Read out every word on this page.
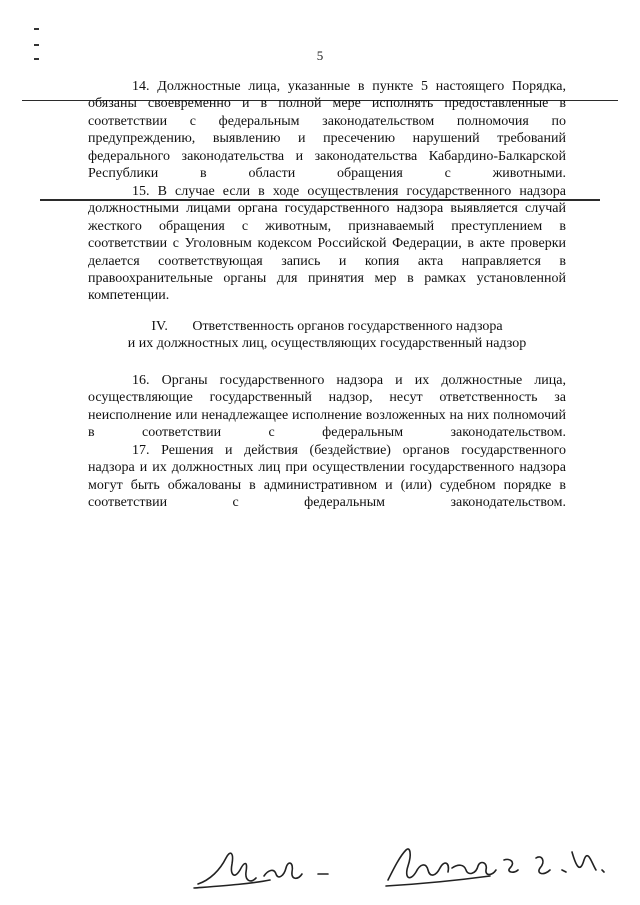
5

14. Должностные лица, указанные в пункте 5 настоящего Порядка, обязаны своевременно и в полной мере исполнять предоставленные в соответствии с федеральным законодательством полномочия по предупреждению, выявлению и пресечению нарушений требований федерального законодательства и законодательства Кабардино-Балкарской Республики в области обращения с животными.

15. В случае если в ходе осуществления государственного надзора должностными лицами органа государственного надзора выявляется случай жесткого обращения с животным, признаваемый преступлением в соответствии с Уголовным кодексом Российской Федерации, в акте проверки делается соответствующая запись и копия акта направляется в правоохранительные органы для принятия мер в рамках установленной компетенции.

IV.       Ответственность органов государственного надзора
и их должностных лиц, осуществляющих государственный надзор

16. Органы государственного надзора и их должностные лица, осуществляющие государственный надзор, несут ответственность за неисполнение или ненадлежащее исполнение возложенных на них полномочий в соответствии с федеральным законодательством.

17. Решения и действия (бездействие) органов государственного надзора и их должностных лиц при осуществлении государственного надзора могут быть обжалованы в административном и (или) судебном порядке в соответствии с федеральным законодательством.
